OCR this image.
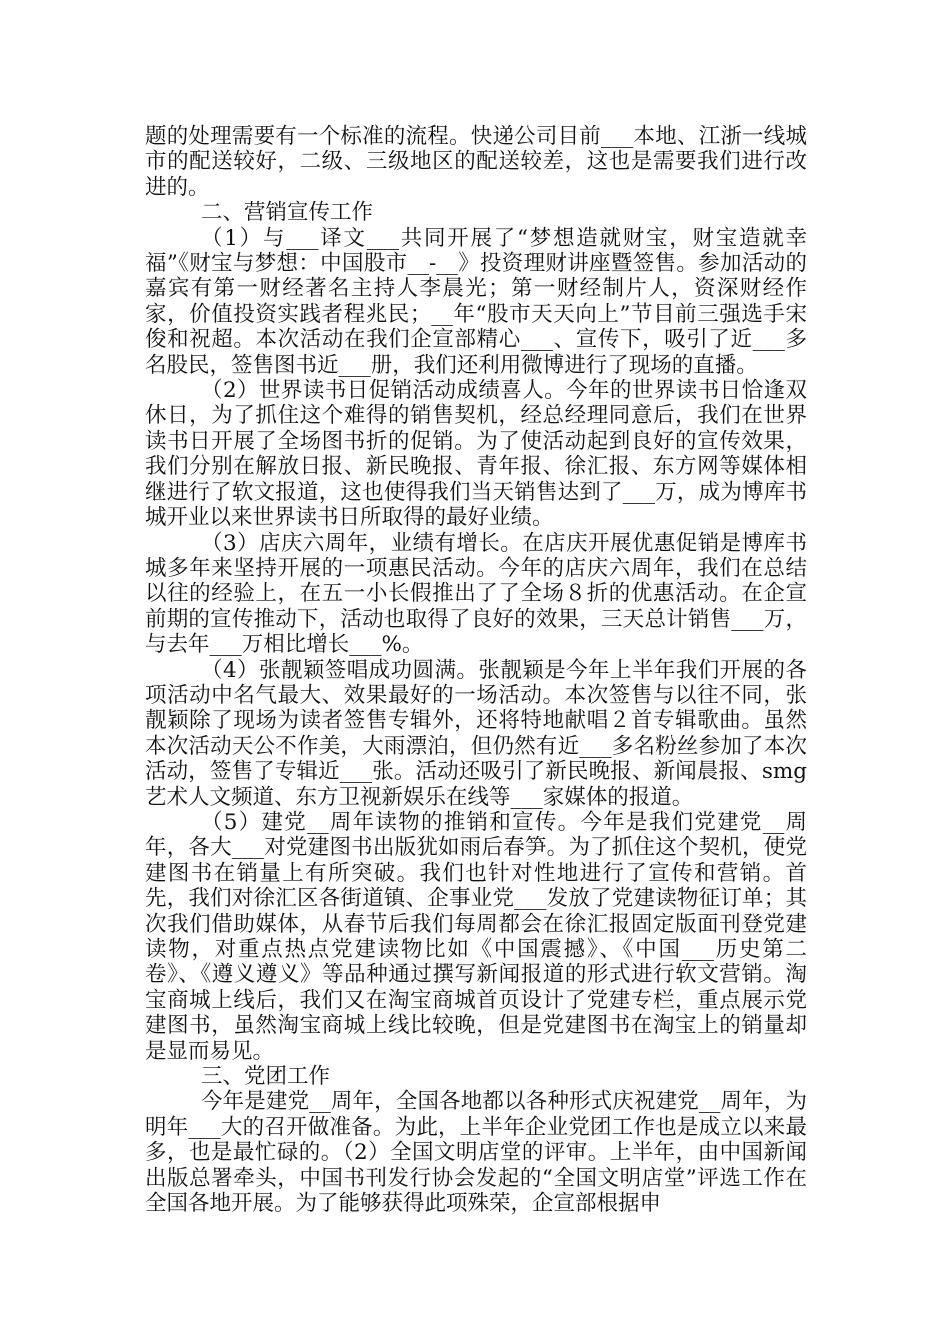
题的处理需要有一个标准的流程。快递公司目前___本地、江浙一线城市的配送较好，二级、三级地区的配送较差，这也是需要我们进行改进的。

二、营销宣传工作

（1）与___译文___共同开展了“梦想造就财宝，财宝造就幸福”《财宝与梦想：中国股市__-__》投资理财讲座暨签售。参加活动的嘉宾有第一财经著名主持人李晨光；第一财经制片人，资深财经作家，价值投资实践者程兆民；__年“股市天天向上”节目前三强选手宋俊和祝超。本次活动在我们企宣部精心___、宣传下，吸引了近___多名股民，签售图书近___册，我们还利用微博进行了现场的直播。

（2）世界读书日促销活动成绩喜人。今年的世界读书日恰逢双休日，为了抓住这个难得的销售契机，经总经理同意后，我们在世界读书日开展了全场图书折的促销。为了使活动起到良好的宣传效果，我们分别在解放日报、新民晚报、青年报、徐汇报、东方网等媒体相继进行了软文报道，这也使得我们当天销售达到了___万，成为博库书城开业以来世界读书日所取得的最好业绩。

（3）店庆六周年，业绩有增长。在店庆开展优惠促销是博库书城多年来坚持开展的一项惠民活动。今年的店庆六周年，我们在总结以往的经验上，在五一小长假推出了了全场８折的优惠活动。在企宣前期的宣传推动下，活动也取得了良好的效果，三天总计销售___万，与去年___万相比增长___%。

（4）张靓颖签唱成功圆满。张靓颖是今年上半年我们开展的各项活动中名气最大、效果最好的一场活动。本次签售与以往不同，张靓颖除了现场为读者签售专辑外，还将特地献唱２首专辑歌曲。虽然本次活动天公不作美，大雨漂泊，但仍然有近___多名粉丝参加了本次活动，签售了专辑近___张。活动还吸引了新民晚报、新闻晨报、smg艺术人文频道、东方卫视新娱乐在线等___家媒体的报道。

（5）建党__周年读物的推销和宣传。今年是我们党建党__周年，各大___对党建图书出版犹如雨后春笋。为了抓住这个契机，使党建图书在销量上有所突破。我们也针对性地进行了宣传和营销。首先，我们对徐汇区各街道镇、企事业党___发放了党建读物征订单；其次我们借助媒体，从春节后我们每周都会在徐汇报固定版面刊登党建读物，对重点热点党建读物比如《中国震撼》、《中国___历史第二卷》、《遵义遵义》等品种通过撰写新闻报道的形式进行软文营销。淘宝商城上线后，我们又在淘宝商城首页设计了党建专栏，重点展示党建图书，虽然淘宝商城上线比较晚，但是党建图书在淘宝上的销量却是显而易见。

三、党团工作

今年是建党__周年，全国各地都以各种形式庆祝建党__周年，为明年___大的召开做准备。为此，上半年企业党团工作也是成立以来最多，也是最忙碌的。（2）全国文明店堂的评审。上半年，由中国新闻出版总署牵头，中国书刊发行协会发起的“全国文明店堂”评选工作在全国各地开展。为了能够获得此项殊荣，企宣部根据申
